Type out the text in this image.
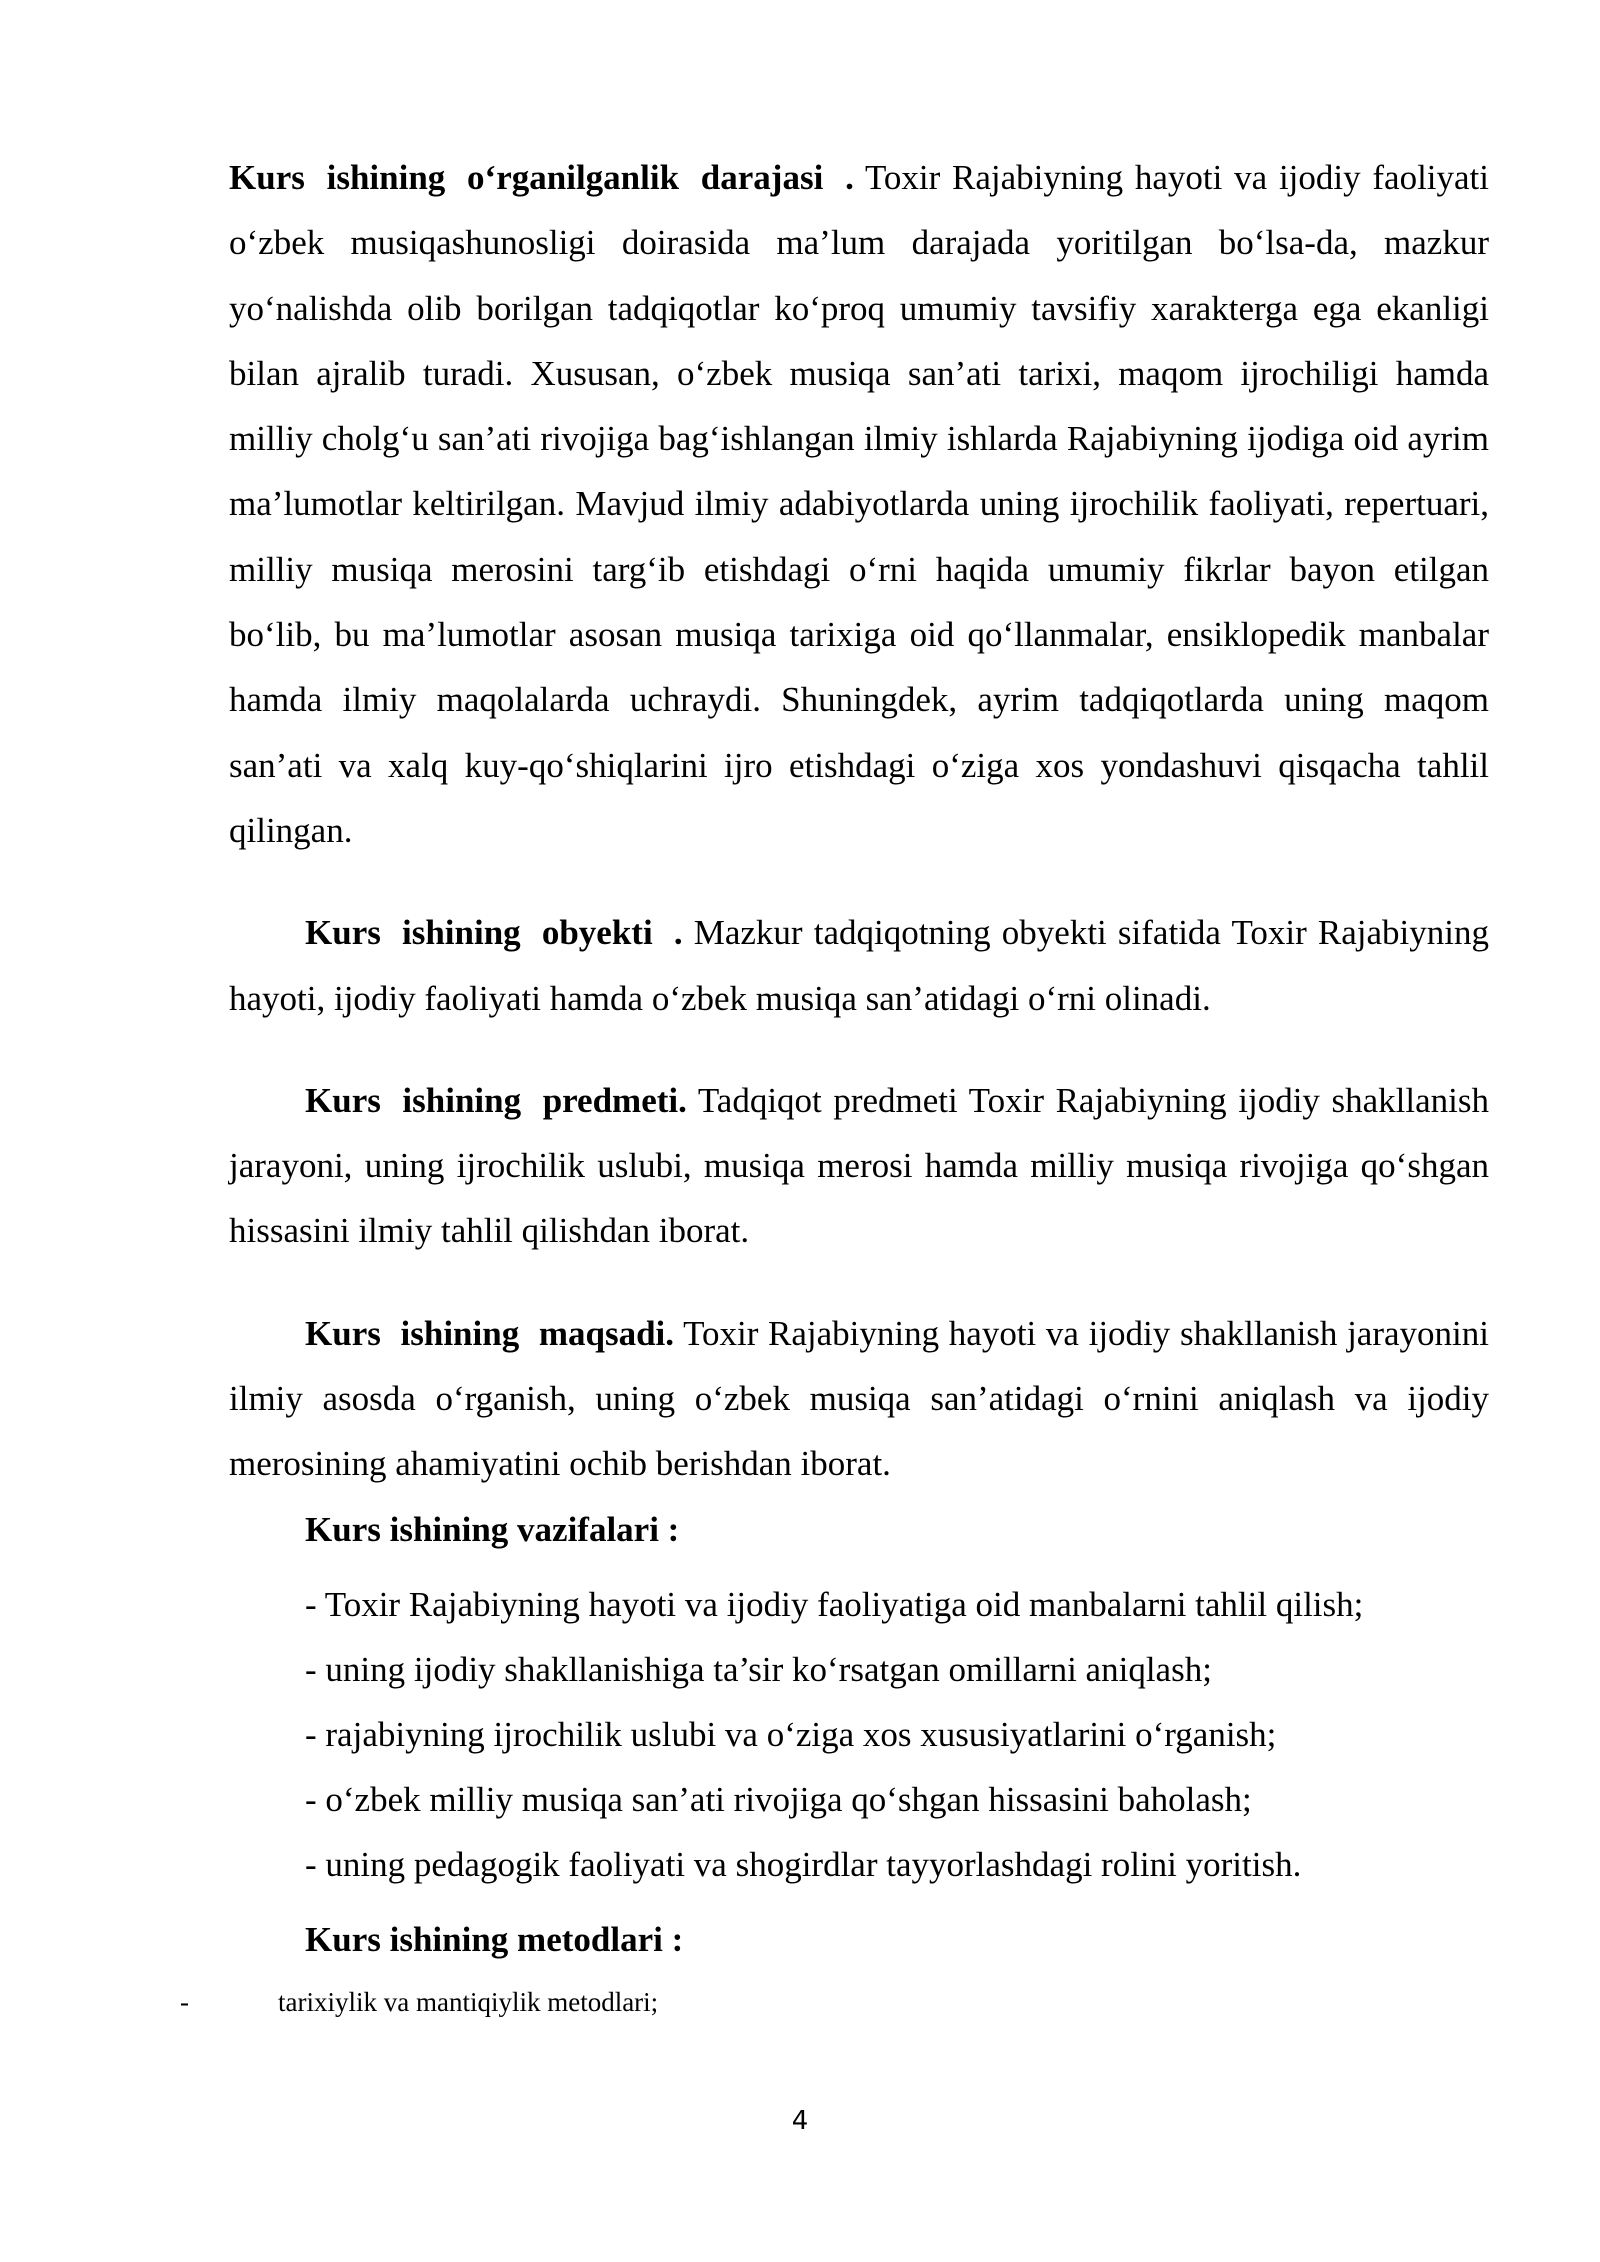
Kurs ishining o‘rganilganlik darajasi . Toxir Rajabiyning hayoti va ijodiy faoliyati o‘zbek musiqashunosligi doirasida ma’lum darajada yoritilgan bo‘lsa-da, mazkur yo‘nalishda olib borilgan tadqiqotlar ko‘proq umumiy tavsifiy xarakterga ega ekanligi bilan ajralib turadi. Xususan, o‘zbek musiqa san’ati tarixi, maqom ijrochiligi hamda milliy cholg‘u san’ati rivojiga bag‘ishlangan ilmiy ishlarda Rajabiyning ijodiga oid ayrim ma’lumotlar keltirilgan. Mavjud ilmiy adabiyotlarda uning ijrochilik faoliyati, repertuari, milliy musiqa merosini targ‘ib etishdagi o‘rni haqida umumiy fikrlar bayon etilgan bo‘lib, bu ma’lumotlar asosan musiqa tarixiga oid qo‘llanmalar, ensiklopedik manbalar hamda ilmiy maqolalarda uchraydi. Shuningdek, ayrim tadqiqotlarda uning maqom san’ati va xalq kuy-qo‘shiqlarini ijro etishdagi o‘ziga xos yondashuvi qisqacha tahlil qilingan.

Kurs ishining obyekti . Mazkur tadqiqotning obyekti sifatida Toxir Rajabiyning hayoti, ijodiy faoliyati hamda o‘zbek musiqa san’atidagi o‘rni olinadi.

Kurs ishining predmeti. Tadqiqot predmeti Toxir Rajabiyning ijodiy shakllanish jarayoni, uning ijrochilik uslubi, musiqa merosi hamda milliy musiqa rivojiga qo‘shgan hissasini ilmiy tahlil qilishdan iborat.

Kurs ishining maqsadi. Toxir Rajabiyning hayoti va ijodiy shakllanish jarayonini ilmiy asosda o‘rganish, uning o‘zbek musiqa san’atidagi o‘rnini aniqlash va ijodiy merosining ahamiyatini ochib berishdan iborat.

Kurs ishining vazifalari :
- Toxir Rajabiyning hayoti va ijodiy faoliyatiga oid manbalarni tahlil qilish;
- uning ijodiy shakllanishiga ta’sir ko‘rsatgan omillarni aniqlash;
- rajabiyning ijrochilik uslubi va o‘ziga xos xususiyatlarini o‘rganish;
- o‘zbek milliy musiqa san’ati rivojiga qo‘shgan hissasini baholash;
- uning pedagogik faoliyati va shogirdlar tayyorlashdagi rolini yoritish.
Kurs ishining metodlari :
-	tarixiylik va mantiqiylik metodlari;
4
